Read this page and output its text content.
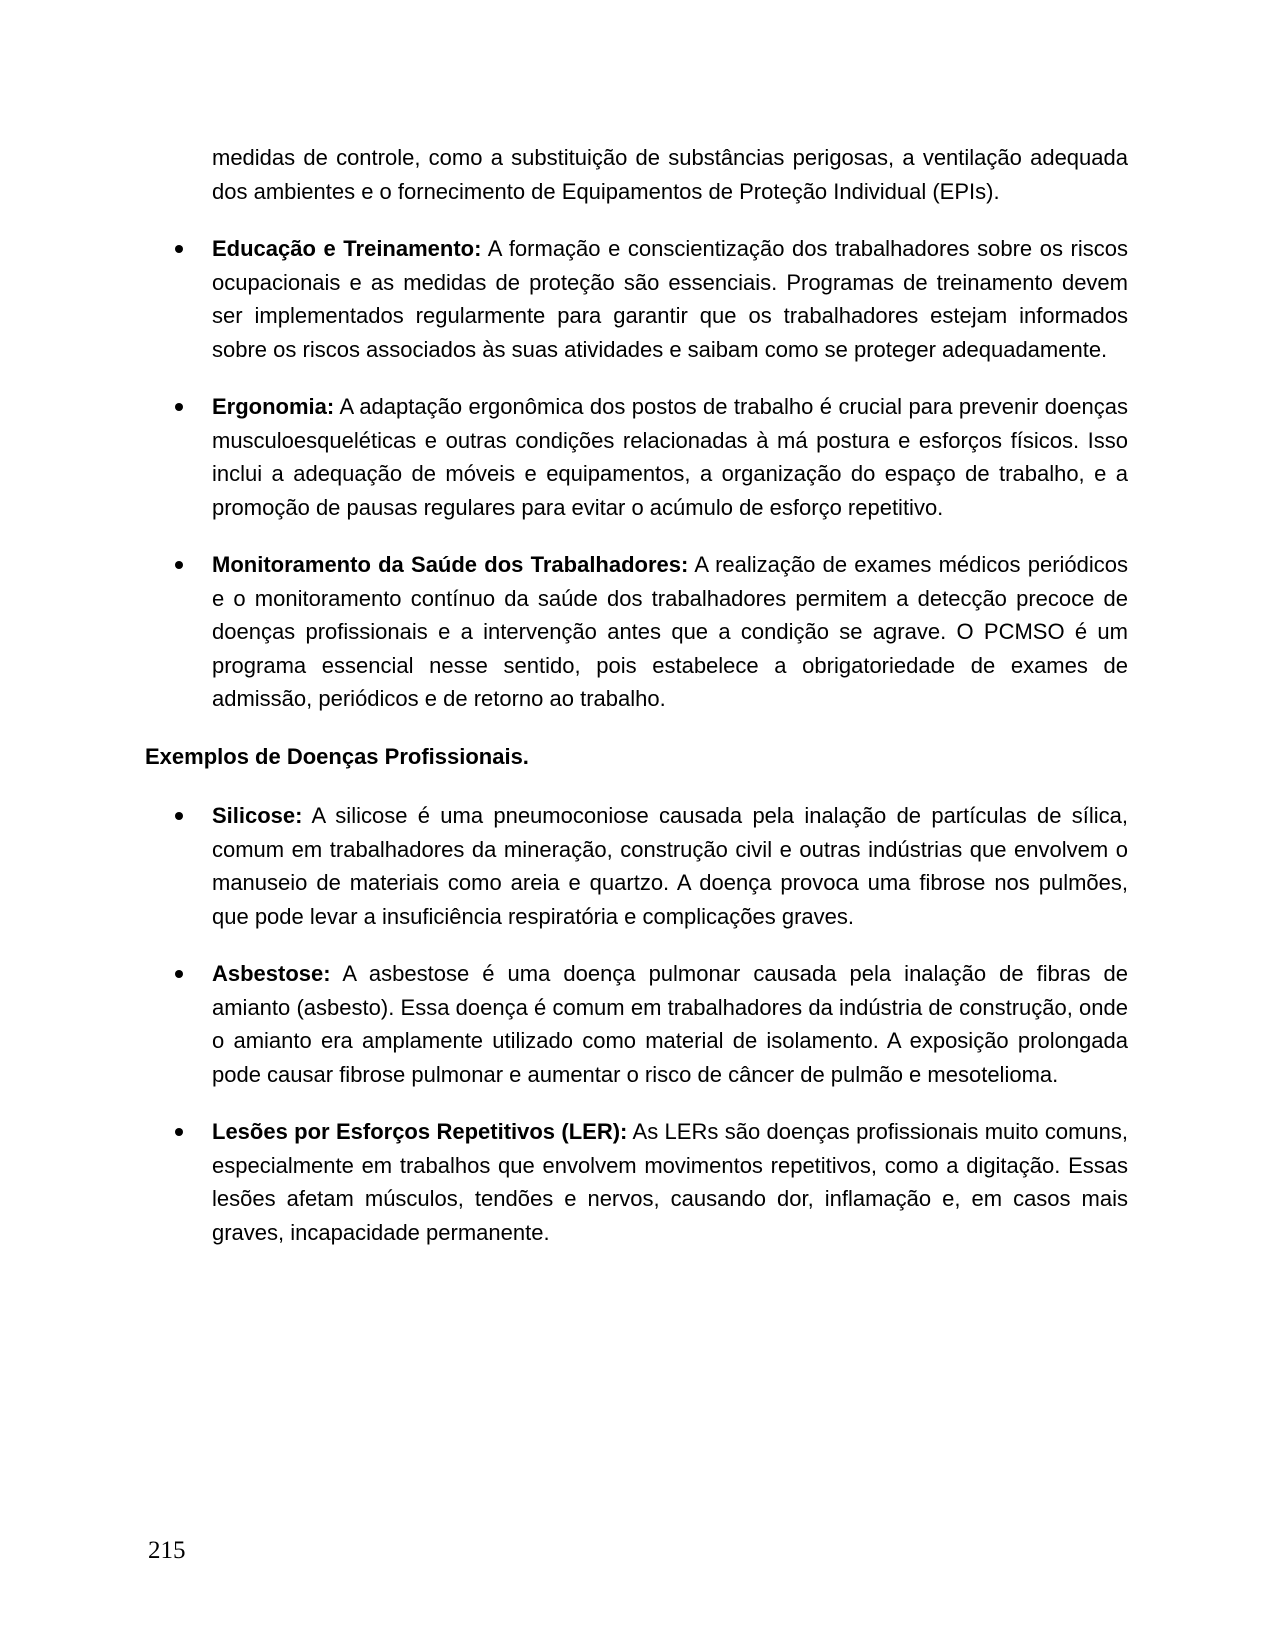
medidas de controle, como a substituição de substâncias perigosas, a ventilação adequada dos ambientes e o fornecimento de Equipamentos de Proteção Individual (EPIs).

Educação e Treinamento: A formação e conscientização dos trabalhadores sobre os riscos ocupacionais e as medidas de proteção são essenciais. Programas de treinamento devem ser implementados regularmente para garantir que os trabalhadores estejam informados sobre os riscos associados às suas atividades e saibam como se proteger adequadamente.

Ergonomia: A adaptação ergonômica dos postos de trabalho é crucial para prevenir doenças musculoesqueléticas e outras condições relacionadas à má postura e esforços físicos. Isso inclui a adequação de móveis e equipamentos, a organização do espaço de trabalho, e a promoção de pausas regulares para evitar o acúmulo de esforço repetitivo.

Monitoramento da Saúde dos Trabalhadores: A realização de exames médicos periódicos e o monitoramento contínuo da saúde dos trabalhadores permitem a detecção precoce de doenças profissionais e a intervenção antes que a condição se agrave. O PCMSO é um programa essencial nesse sentido, pois estabelece a obrigatoriedade de exames de admissão, periódicos e de retorno ao trabalho.

Exemplos de Doenças Profissionais.

Silicose: A silicose é uma pneumoconiose causada pela inalação de partículas de sílica, comum em trabalhadores da mineração, construção civil e outras indústrias que envolvem o manuseio de materiais como areia e quartzo. A doença provoca uma fibrose nos pulmões, que pode levar a insuficiência respiratória e complicações graves.

Asbestose: A asbestose é uma doença pulmonar causada pela inalação de fibras de amianto (asbesto). Essa doença é comum em trabalhadores da indústria de construção, onde o amianto era amplamente utilizado como material de isolamento. A exposição prolongada pode causar fibrose pulmonar e aumentar o risco de câncer de pulmão e mesotelioma.

Lesões por Esforços Repetitivos (LER): As LERs são doenças profissionais muito comuns, especialmente em trabalhos que envolvem movimentos repetitivos, como a digitação. Essas lesões afetam músculos, tendões e nervos, causando dor, inflamação e, em casos mais graves, incapacidade permanente.

215
